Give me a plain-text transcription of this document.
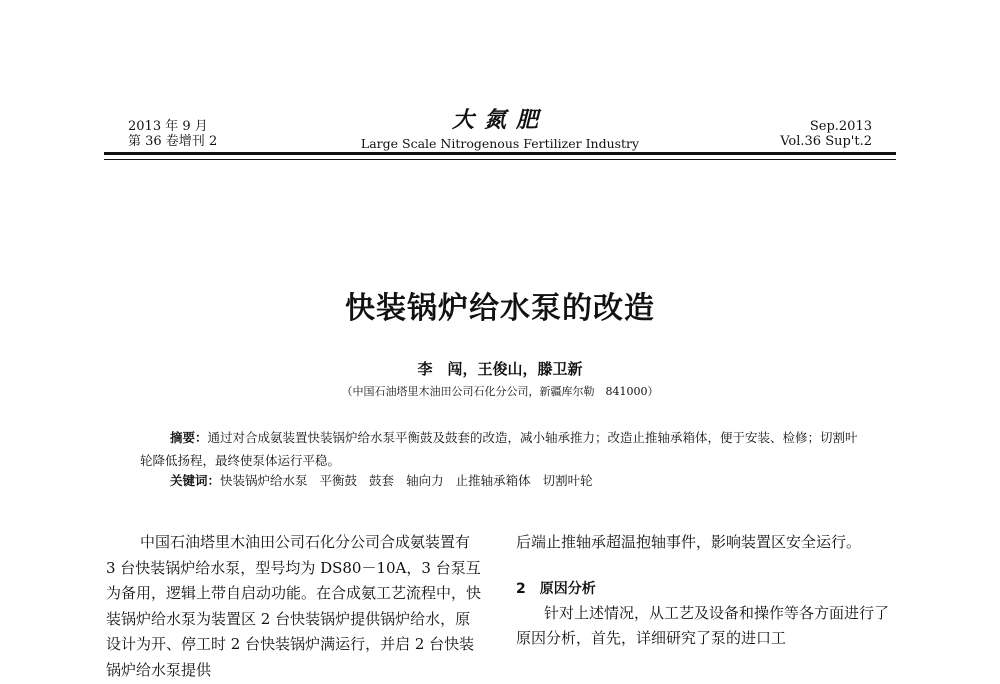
2013 年 9 月
第 36 卷增刊 2
大氮肥
Large Scale Nitrogenous Fertilizer Industry
Sep.2013
Vol.36 Sup't.2
快装锅炉给水泵的改造
李　闯，王俊山，滕卫新
（中国石油塔里木油田公司石化分公司，新疆库尔勒　841000）

摘要：通过对合成氨装置快装锅炉给水泵平衡鼓及鼓套的改造，减小轴承推力；改造止推轴承箱体，便于安装、检修；切割叶轮降低扬程，最终使泵体运行平稳。

关键词：快装锅炉给水泵 平衡鼓 鼓套 轴向力 止推轴承箱体 切割叶轮

中国石油塔里木油田公司石化分公司合成氨装置有 3 台快装锅炉给水泵，型号均为 DS80－10A，3 台泵互为备用，逻辑上带自启动功能。在合成氨工艺流程中，快装锅炉给水泵为装置区 2 台快装锅炉提供锅炉给水，原设计为开、停工时 2 台快装锅炉满运行，并启 2 台快装锅炉给水泵提供

后端止推轴承超温抱轴事件，影响装置区安全运行。

2 原因分析

针对上述情况，从工艺及设备和操作等各方面进行了原因分析，首先，详细研究了泵的进口工
